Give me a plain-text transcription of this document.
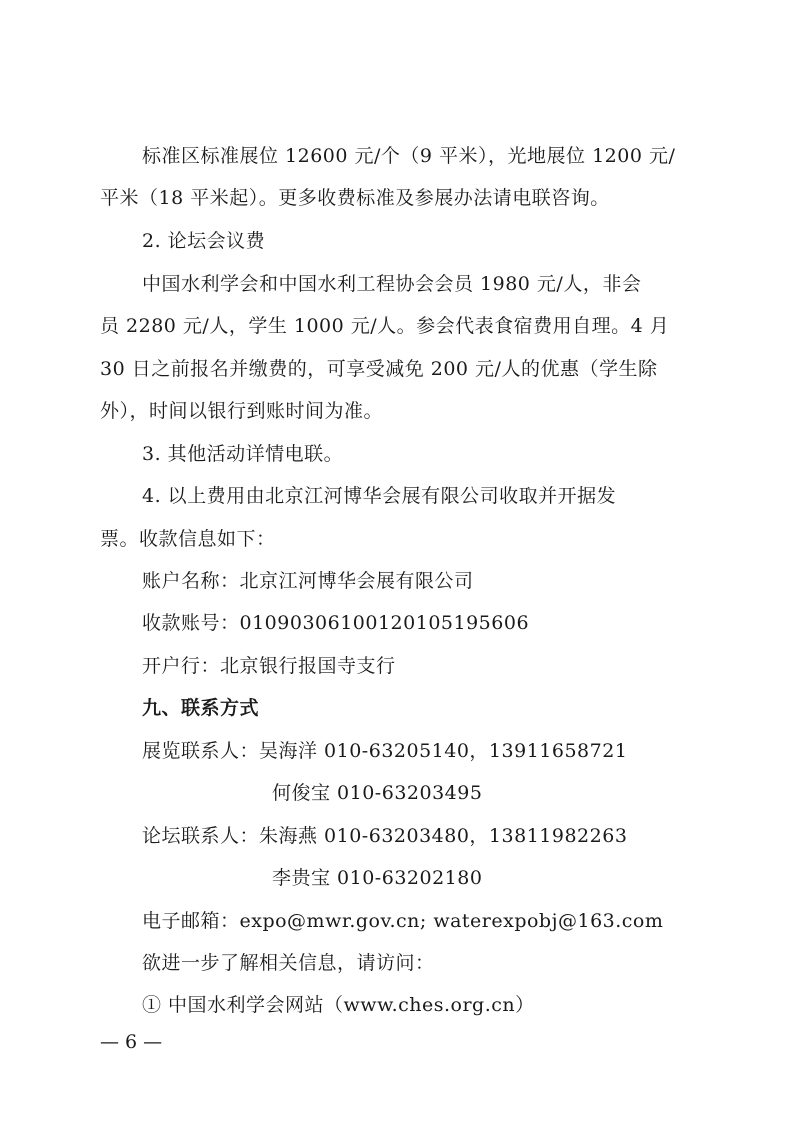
标准区标准展位 12600 元/个（9 平米），光地展位 1200 元/
平米（18 平米起）。更多收费标准及参展办法请电联咨询。
2. 论坛会议费
中国水利学会和中国水利工程协会会员 1980 元/人，非会
员 2280 元/人，学生 1000 元/人。参会代表食宿费用自理。4 月
30 日之前报名并缴费的，可享受减免 200 元/人的优惠（学生除
外），时间以银行到账时间为准。
3. 其他活动详情电联。
4. 以上费用由北京江河博华会展有限公司收取并开据发
票。收款信息如下：
账户名称：北京江河博华会展有限公司
收款账号：01090306100120105195606
开户行：北京银行报国寺支行
九、联系方式
展览联系人：吴海洋 010-63205140，13911658721
何俊宝 010-63203495
论坛联系人：朱海燕 010-63203480，13811982263
李贵宝 010-63202180
电子邮箱：expo@mwr.gov.cn; waterexpobj@163.com
欲进一步了解相关信息，请访问：
① 中国水利学会网站（www.ches.org.cn）
— 6 —
